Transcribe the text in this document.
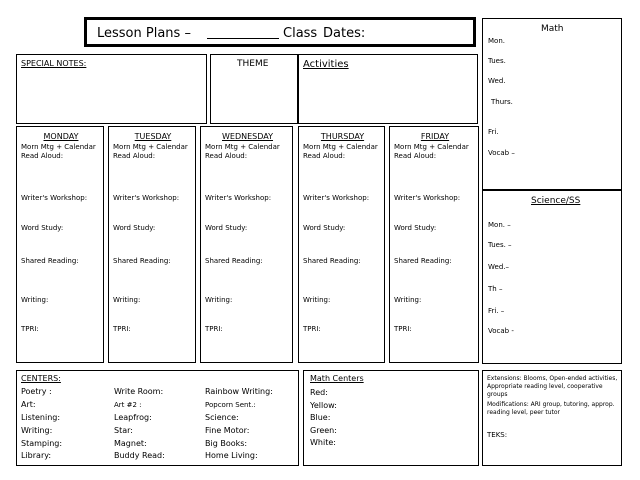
Lesson Plans –	Class Dates:
SPECIAL NOTES:	THEME	Activities
Math
Mon.
Tues.
Wed.
Thurs.
Fri.
Vocab –
Science/SS
Mon. –
Tues. –
Wed.–
Th –
Fri. –
Vocab -
MONDAY
Morn Mtg + Calendar
Read Aloud:
Writer's Workshop:
Word Study:
Shared Reading:
Writing:
TPRI:
TUESDAY
Morn Mtg + Calendar
Read Aloud:
Writer's Workshop:
Word Study:
Shared Reading:
Writing:
TPRI:
WEDNESDAY
Morn Mtg + Calendar
Read Aloud:
Writer's Workshop:
Word Study:
Shared Reading:
Writing:
TPRI:
THURSDAY
Morn Mtg + Calendar
Read Aloud:
Writer's Workshop:
Word Study:
Shared Reading:
Writing:
TPRI:
FRIDAY
Morn Mtg + Calendar
Read Aloud:
Writer's Workshop:
Word Study:
Shared Reading:
Writing:
TPRI:
CENTERS:
Poetry :
Art:
Listening:
Writing:
Stamping:
Library:
Write Room:
Art #2 :
Leapfrog:
Star:
Magnet:
Buddy Read:
Rainbow Writing:
Popcorn Sent.:
Science:
Fine Motor:
Big Books:
Home Living:
Math Centers
Red:
Yellow:
Blue:
Green:
White:
Extensions: Blooms, Open-ended activities,
Appropriate reading level, cooperative
groups
Modifications: ARI group, tutoring, approp.
reading level, peer tutor
TEKS:
